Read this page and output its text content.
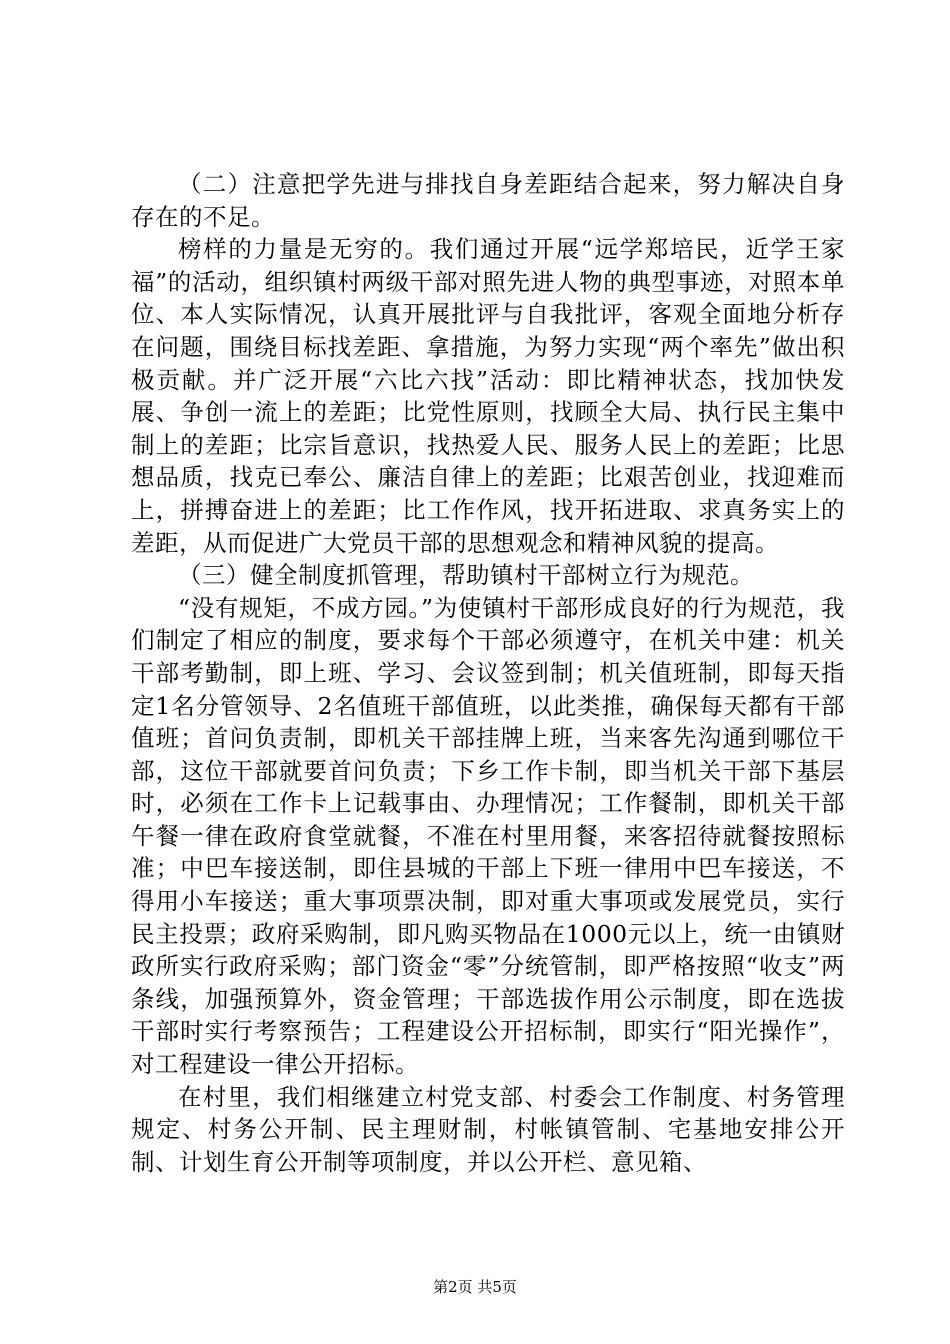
（二）注意把学先进与排找自身差距结合起来，努力解决自身存在的不足。

榜样的力量是无穷的。我们通过开展“远学郑培民，近学王家福”的活动，组织镇村两级干部对照先进人物的典型事迹，对照本单位、本人实际情况，认真开展批评与自我批评，客观全面地分析存在问题，围绕目标找差距、拿措施，为努力实现“两个率先”做出积极贡献。并广泛开展“六比六找”活动：即比精神状态，找加快发展、争创一流上的差距；比党性原则，找顾全大局、执行民主集中制上的差距；比宗旨意识，找热爱人民、服务人民上的差距；比思想品质，找克已奉公、廉洁自律上的差距；比艰苦创业，找迎难而上，拼搏奋进上的差距；比工作作风，找开拓进取、求真务实上的差距，从而促进广大党员干部的思想观念和精神风貌的提高。

（三）健全制度抓管理，帮助镇村干部树立行为规范。

“没有规矩，不成方园。”为使镇村干部形成良好的行为规范，我们制定了相应的制度，要求每个干部必须遵守，在机关中建：机关干部考勤制，即上班、学习、会议签到制；机关值班制，即每天指定1名分管领导、2名值班干部值班，以此类推，确保每天都有干部值班；首问负责制，即机关干部挂牌上班，当来客先沟通到哪位干部，这位干部就要首问负责；下乡工作卡制，即当机关干部下基层时，必须在工作卡上记载事由、办理情况；工作餐制，即机关干部午餐一律在政府食堂就餐，不准在村里用餐，来客招待就餐按照标准；中巴车接送制，即住县城的干部上下班一律用中巴车接送，不得用小车接送；重大事项票决制，即对重大事项或发展党员，实行民主投票；政府采购制，即凡购买物品在1000元以上，统一由镇财政所实行政府采购；部门资金“零”分统管制，即严格按照“收支”两条线，加强预算外，资金管理；干部选拔作用公示制度，即在选拔干部时实行考察预告；工程建设公开招标制，即实行“阳光操作”，对工程建设一律公开招标。

在村里，我们相继建立村党支部、村委会工作制度、村务管理规定、村务公开制、民主理财制，村帐镇管制、宅基地安排公开制、计划生育公开制等项制度，并以公开栏、意见箱、

第2页 共5页
